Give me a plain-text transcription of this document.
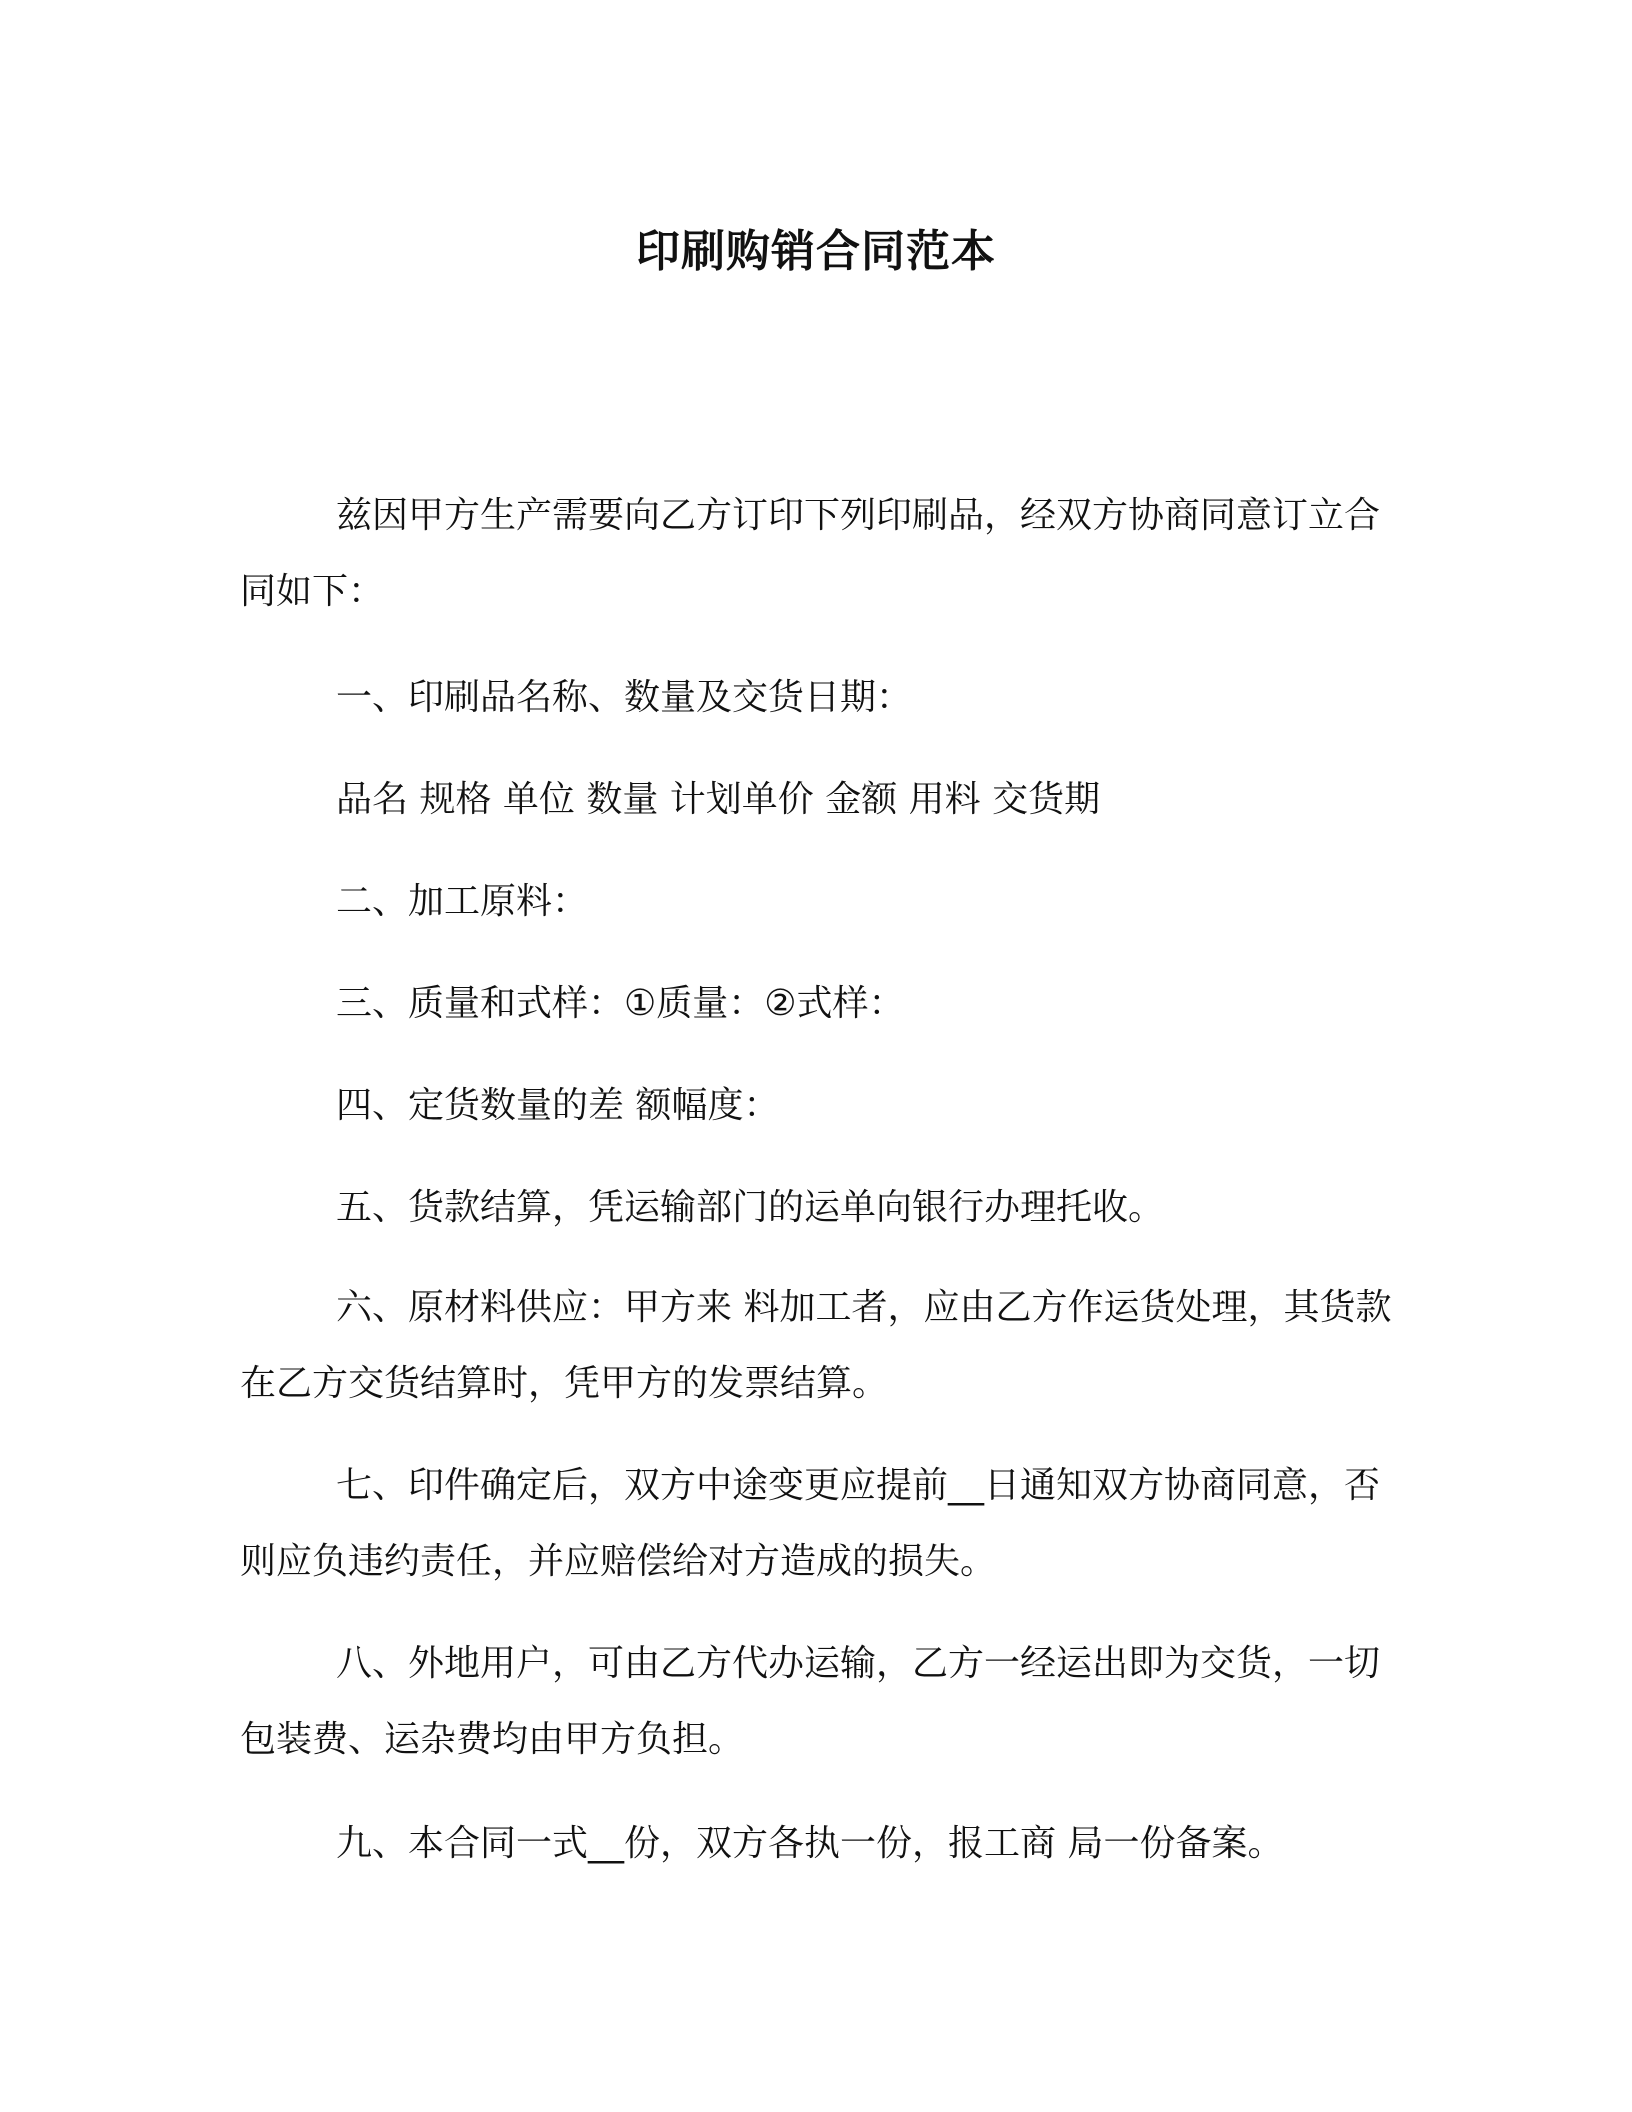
印刷购销合同范本

兹因甲方生产需要向乙方订印下列印刷品，经双方协商同意订立合同如下：

一、印刷品名称、数量及交货日期：

品名 规格 单位 数量 计划单价 金额 用料 交货期

二、加工原料：

三、质量和式样：①质量：②式样：

四、定货数量的差 额幅度：

五、货款结算，凭运输部门的运单向银行办理托收。

六、原材料供应：甲方来 料加工者，应由乙方作运货处理，其货款在乙方交货结算时，凭甲方的发票结算。

七、印件确定后，双方中途变更应提前__日通知双方协商同意，否则应负违约责任，并应赔偿给对方造成的损失。

八、外地用户，可由乙方代办运输，乙方一经运出即为交货，一切包装费、运杂费均由甲方负担。

九、本合同一式__份，双方各执一份，报工商 局一份备案。
